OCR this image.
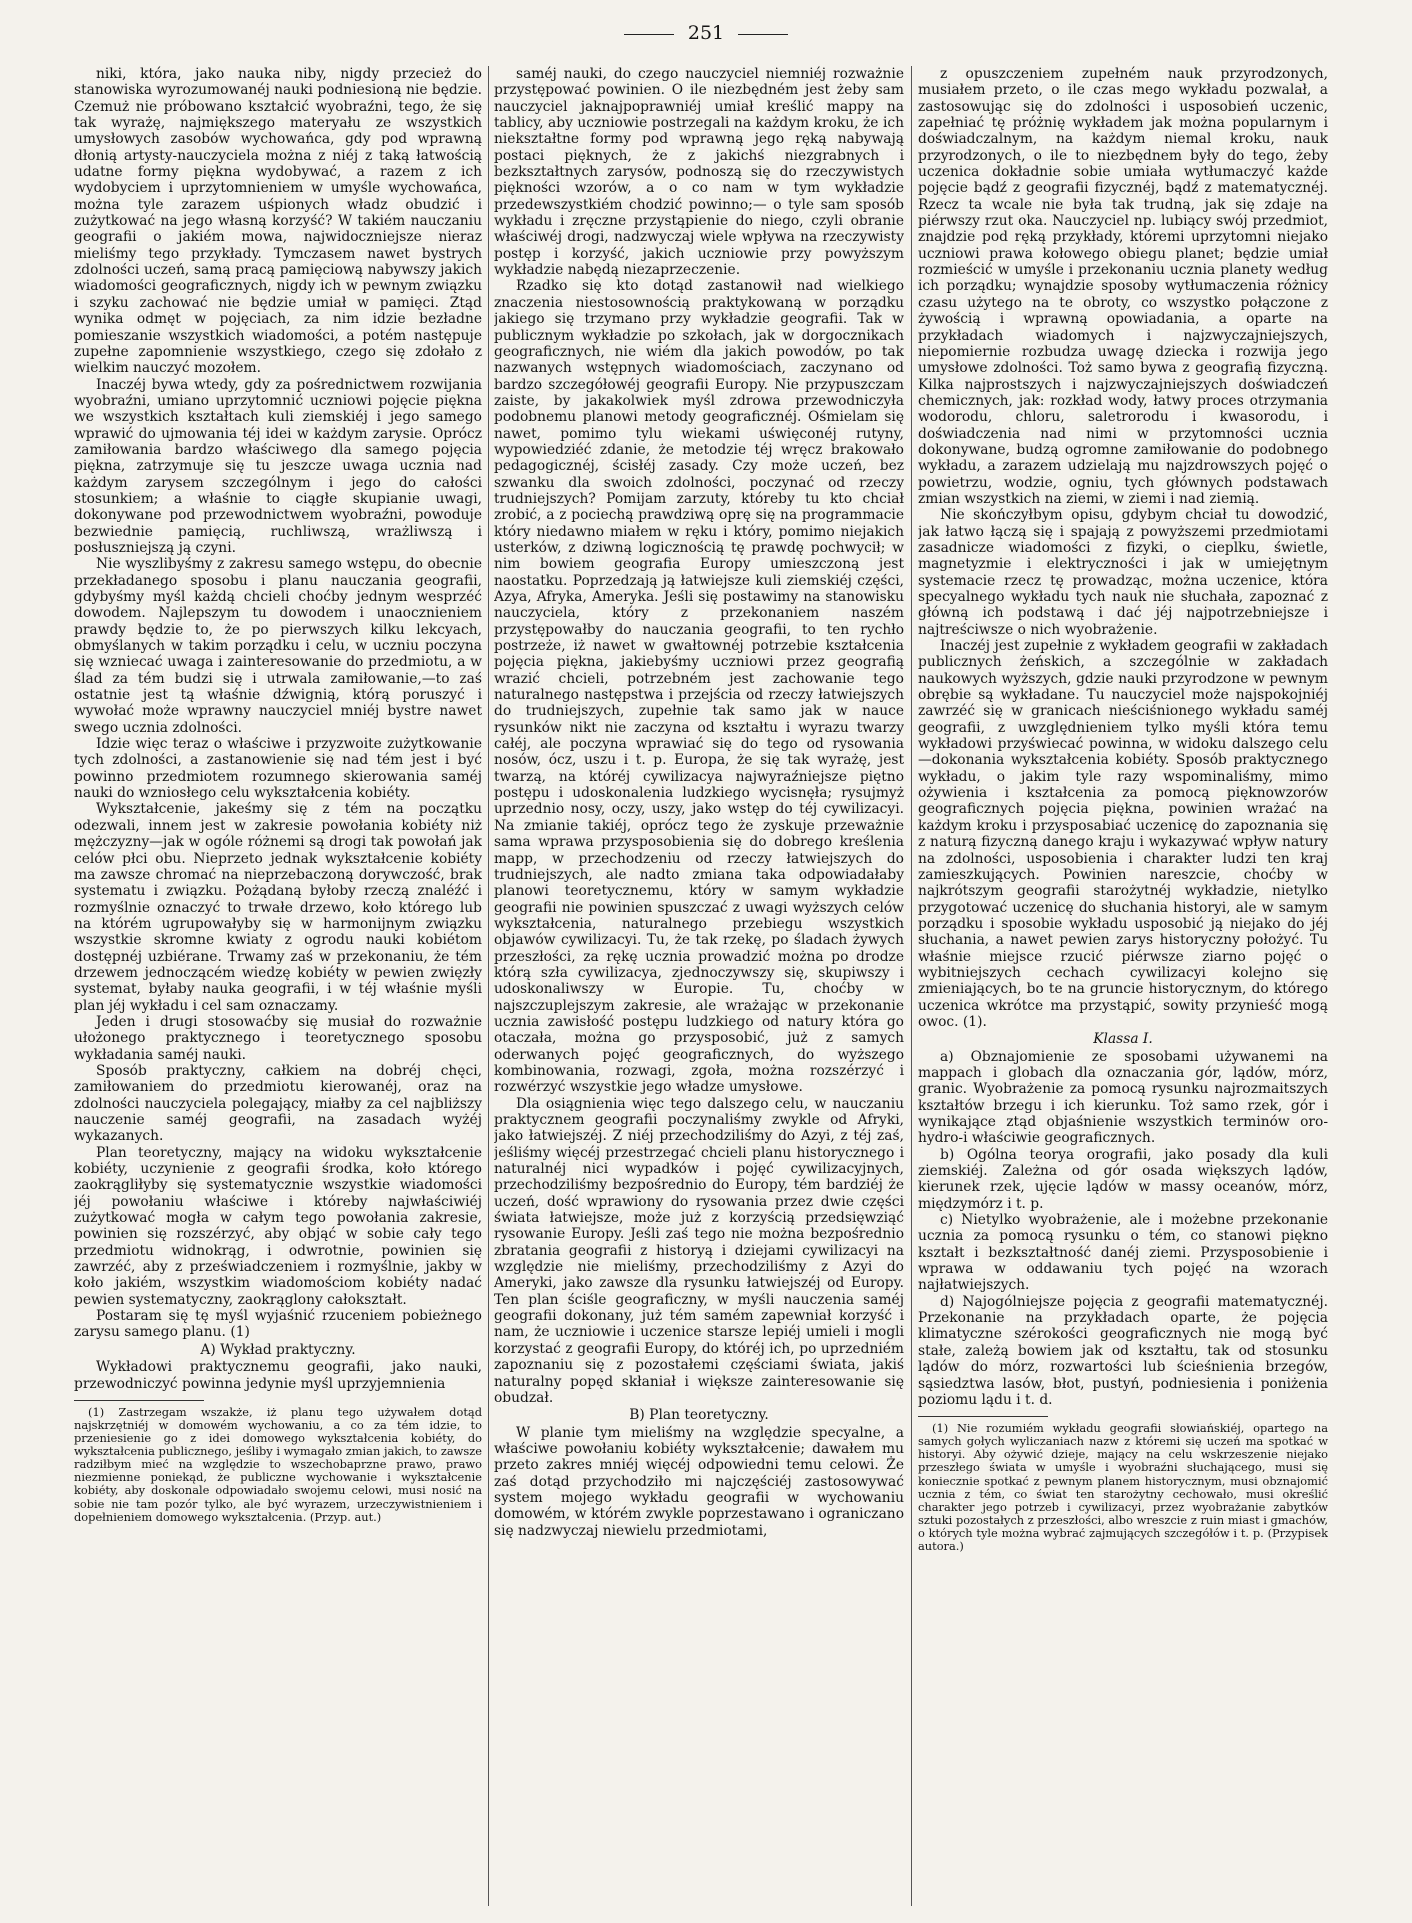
251

niki, która, jako nauka niby, nigdy przecież do stanowiska wyrozumowanéj nauki podniesioną nie będzie. Czemuż nie próbowano kształcić wyobraźni, tego, że się tak wyrażę, najmiększego materyału ze wszystkich umysłowych zasobów wychowańca, gdy pod wprawną dłonią artysty-nauczyciela można z niéj z taką łatwością udatne formy piękna wydobywać, a razem z ich wydobyciem i uprzytomnieniem w umyśle wychowańca, można tyle zarazem uśpionych władz obudzić i zużytkować na jego własną korzyść? W takiém nauczaniu geografii o jakiém mowa, najwidoczniejsze nieraz mieliśmy tego przykłady. Tymczasem nawet bystrych zdolności uczeń, samą pracą pamięciową nabywszy jakich wiadomości geograficznych, nigdy ich w pewnym związku i szyku zachować nie będzie umiał w pamięci. Ztąd wynika odmęt w pojęciach, za nim idzie bezładne pomieszanie wszystkich wiadomości, a potém następuje zupełne zapomnienie wszystkiego, czego się zdołało z wielkim nauczyć mozołem.

Inaczéj bywa wtedy, gdy za pośrednictwem rozwijania wyobraźni, umiano uprzytomnić uczniowi pojęcie piękna we wszystkich kształtach kuli ziemskiéj i jego samego wprawić do ujmowania téj idei w każdym zarysie. Oprócz zamiłowania bardzo właściwego dla samego pojęcia piękna, zatrzymuje się tu jeszcze uwaga ucznia nad każdym zarysem szczególnym i jego do całości stosunkiem; a właśnie to ciągłe skupianie uwagi, dokonywane pod przewodnictwem wyobraźni, powoduje bezwiednie pamięcią, ruchliwszą, wrażliwszą i posłuszniejszą ją czyni.

Nie wyszlibyśmy z zakresu samego wstępu, do obecnie przekładanego sposobu i planu nauczania geografii, gdybyśmy myśl każdą chcieli choćby jednym wesprzéć dowodem. Najlepszym tu dowodem i unaocznieniem prawdy będzie to, że po pierwszych kilku lekcyach, obmyślanych w takim porządku i celu, w uczniu poczyna się wzniecać uwaga i zainteresowanie do przedmiotu, a w ślad za tém budzi się i utrwala zamiłowanie,—to zaś ostatnie jest tą właśnie dźwignią, którą poruszyć i wywołać może wprawny nauczyciel mniéj bystre nawet swego ucznia zdolności.

Idzie więc teraz o właściwe i przyzwoite zużytkowanie tych zdolności, a zastanowienie się nad tém jest i być powinno przedmiotem rozumnego skierowania saméj nauki do wzniosłego celu wykształcenia kobiéty.

Wykształcenie, jakeśmy się z tém na początku odezwali, innem jest w zakresie powołania kobiéty niż mężczyzny—jak w ogóle różnemi są drogi tak powołań jak celów płci obu. Nieprzeto jednak wykształcenie kobiéty ma zawsze chromać na nieprzebaczoną dorywczość, brak systematu i związku. Pożądaną byłoby rzeczą znaléźć i rozmyślnie oznaczyć to trwałe drzewo, koło którego lub na którém ugrupowałyby się w harmonijnym związku wszystkie skromne kwiaty z ogrodu nauki kobiétom dostępnéj uzbiérane. Trwamy zaś w przekonaniu, że tém drzewem jednoczącém wiedzę kobiéty w pewien zwięzły systemat, byłaby nauka geografii, i w téj właśnie myśli plan jéj wykładu i cel sam oznaczamy.

Jeden i drugi stosowaćby się musiał do rozważnie ułożonego praktycznego i teoretycznego sposobu wykładania saméj nauki.

Sposób praktyczny, całkiem na dobréj chęci, zamiłowaniem do przedmiotu kierowanéj, oraz na zdolności nauczyciela polegający, miałby za cel najbliższy nauczenie saméj geografii, na zasadach wyżéj wykazanych.

Plan teoretyczny, mający na widoku wykształcenie kobiéty, uczynienie z geografii środka, koło którego zaokrągliłyby się systematycznie wszystkie wiadomości jéj powołaniu właściwe i któreby najwłaściwiéj zużytkować mogła w całym tego powołania zakresie, powinien się rozszérzyć, aby objąć w sobie cały tego przedmiotu widnokrąg, i odwrotnie, powinien się zawrzéć, aby z przeświadczeniem i rozmyślnie, jakby w koło jakiém, wszystkim wiadomościom kobiéty nadać pewien systematyczny, zaokrąglony całokształt.

Postaram się tę myśl wyjaśnić rzuceniem pobieżnego zarysu samego planu. (1)

A) Wykład praktyczny.

Wykładowi praktycznemu geografii, jako nauki, przewodniczyć powinna jedynie myśl uprzyjemnienia

(1) Zastrzegam wszakże, iż planu tego używałem dotąd najskrzętniéj w domowém wychowaniu, a co za tém idzie, to przeniesienie go z idei domowego wykształcenia kobiéty, do wykształcenia publicznego, jeśliby i wymagało zmian jakich, to zawsze radziłbym mieć na względzie to wszechobaprzne prawo, prawo niezmienne poniekąd, że publiczne wychowanie i wykształcenie kobiéty, aby doskonale odpowiadało swojemu celowi, musi nosić na sobie nie tam pozór tylko, ale być wyrazem, urzeczywistnieniem i dopełnieniem domowego wykształcenia. (Przyp. aut.)

saméj nauki, do czego nauczyciel niemniéj rozważnie przystępować powinien. O ile niezbędném jest żeby sam nauczyciel jaknajpoprawniéj umiał kreślić mappy na tablicy, aby uczniowie postrzegali na każdym kroku, że ich niekształtne formy pod wprawną jego ręką nabywają postaci pięknych, że z jakichś niezgrabnych i bezkształtnych zarysów, podnoszą się do rzeczywistych piękności wzorów, a o co nam w tym wykładzie przedewszystkiém chodzić powinno;— o tyle sam sposób wykładu i zręczne przystąpienie do niego, czyli obranie właściwéj drogi, nadzwyczaj wiele wpływa na rzeczywisty postęp i korzyść, jakich uczniowie przy powyższym wykładzie nabędą niezaprzeczenie.

Rzadko się kto dotąd zastanowił nad wielkiego znaczenia niestosownością praktykowaną w porządku jakiego się trzymano przy wykładzie geografii. Tak w publicznym wykładzie po szkołach, jak w dorgocznikach geograficznych, nie wiém dla jakich powodów, po tak nazwanych wstępnych wiadomościach, zaczynano od bardzo szczegółowéj geografii Europy. Nie przypuszczam zaiste, by jakakolwiek myśl zdrowa przewodniczyła podobnemu planowi metody geograficznéj. Ośmielam się nawet, pomimo tylu wiekami uświęconéj rutyny, wypowiedziéć zdanie, że metodzie téj wręcz brakowało pedagogicznéj, ścisłéj zasady. Czy może uczeń, bez szwanku dla swoich zdolności, poczynać od rzeczy trudniejszych? Pomijam zarzuty, któreby tu kto chciał zrobić, a z pociechą prawdziwą oprę się na programmacie który niedawno miałem w ręku i który, pomimo niejakich usterków, z dziwną logicznością tę prawdę pochwycił; w nim bowiem geografia Europy umieszczoną jest naostatku. Poprzedzają ją łatwiejsze kuli ziemskiéj części, Azya, Afryka, Ameryka. Jeśli się postawimy na stanowisku nauczyciela, który z przekonaniem naszém przystępowałby do nauczania geografii, to ten rychło postrzeże, iż nawet w gwałtownéj potrzebie kształcenia pojęcia piękna, jakiebyśmy uczniowi przez geografią wrazić chcieli, potrzebném jest zachowanie tego naturalnego następstwa i przejścia od rzeczy łatwiejszych do trudniejszych, zupełnie tak samo jak w nauce rysunków nikt nie zaczyna od kształtu i wyrazu twarzy całéj, ale poczyna wprawiać się do tego od rysowania nosów, ócz, uszu i t. p. Europa, że się tak wyrażę, jest twarzą, na któréj cywilizacya najwyraźniejsze piętno postępu i udoskonalenia ludzkiego wycisnęła; rysujmyż uprzednio nosy, oczy, uszy, jako wstęp do téj cywilizacyi. Na zmianie takiéj, oprócz tego że zyskuje przeważnie sama wprawa przysposobienia się do dobrego kreślenia mapp, w przechodzeniu od rzeczy łatwiejszych do trudniejszych, ale nadto zmiana taka odpowiadałaby planowi teoretycznemu, który w samym wykładzie geografii nie powinien spuszczać z uwagi wyższych celów wykształcenia, naturalnego przebiegu wszystkich objawów cywilizacyi. Tu, że tak rzekę, po śladach żywych przeszłości, za rękę ucznia prowadzić można po drodze którą szła cywilizacya, zjednoczywszy się, skupiwszy i udoskonaliwszy w Europie. Tu, choćby w najszczuplejszym zakresie, ale wrażając w przekonanie ucznia zawisłość postępu ludzkiego od natury która go otaczała, można go przysposobić, już z samych oderwanych pojęć geograficznych, do wyższego kombinowania, rozwagi, zgoła, można rozszérzyć i rozwérzyć wszystkie jego władze umysłowe.

Dla osiągnienia więc tego dalszego celu, w nauczaniu praktycznem geografii poczynaliśmy zwykle od Afryki, jako łatwiejszéj. Z niéj przechodziliśmy do Azyi, z téj zaś, jeśliśmy więcéj przestrzegać chcieli planu historycznego i naturalnéj nici wypadków i pojęć cywilizacyjnych, przechodziliśmy bezpośrednio do Europy, tém bardziéj że uczeń, dość wprawiony do rysowania przez dwie części świata łatwiejsze, może już z korzyścią przedsięwziąć rysowanie Europy. Jeśli zaś tego nie można bezpośrednio zbratania geografii z historyą i dziejami cywilizacyi na względzie nie mieliśmy, przechodziliśmy z Azyi do Ameryki, jako zawsze dla rysunku łatwiejszéj od Europy. Ten plan ściśle geograficzny, w myśli nauczenia saméj geografii dokonany, już tém samém zapewniał korzyść i nam, że uczniowie i uczenice starsze lepiéj umieli i mogli korzystać z geografii Europy, do któréj ich, po uprzedniém zapoznaniu się z pozostałemi częściami świata, jakiś naturalny popęd skłaniał i większe zainteresowanie się obudzał.

B) Plan teoretyczny.

W planie tym mieliśmy na względzie specyalne, a właściwe powołaniu kobiéty wykształcenie; dawałem mu przeto zakres mniéj więcéj odpowiedni temu celowi. Że zaś dotąd przychodziło mi najczęściéj zastosowywać system mojego wykładu geografii w wychowaniu domowém, w którém zwykle poprzestawano i ograniczano się nadzwyczaj niewielu przedmiotami,

z opuszczeniem zupełném nauk przyrodzonych, musiałem przeto, o ile czas mego wykładu pozwalał, a zastosowując się do zdolności i usposobień uczenic, zapełniać tę próżnię wykładem jak można popularnym i doświadczalnym, na każdym niemal kroku, nauk przyrodzonych, o ile to niezbędnem były do tego, żeby uczenica dokładnie sobie umiała wytłumaczyć każde pojęcie bądź z geografii fizycznéj, bądź z matematycznéj. Rzecz ta wcale nie była tak trudną, jak się zdaje na piérwszy rzut oka. Nauczyciel np. lubiący swój przedmiot, znajdzie pod ręką przykłady, któremi uprzytomni niejako uczniowi prawa kołowego obiegu planet; będzie umiał rozmieścić w umyśle i przekonaniu ucznia planety według ich porządku; wynajdzie sposoby wytłumaczenia różnicy czasu użytego na te obroty, co wszystko połączone z żywością i wprawną opowiadania, a oparte na przykładach wiadomych i najzwyczajniejszych, niepomiernie rozbudza uwagę dziecka i rozwija jego umysłowe zdolności. Toż samo bywa z geografią fizyczną. Kilka najprostszych i najzwyczajniejszych doświadczeń chemicznych, jak: rozkład wody, łatwy proces otrzymania wodorodu, chloru, saletrorodu i kwasorodu, i doświadczenia nad nimi w przytomności ucznia dokonywane, budzą ogromne zamiłowanie do podobnego wykładu, a zarazem udzielają mu najzdrowszych pojęć o powietrzu, wodzie, ogniu, tych głównych podstawach zmian wszystkich na ziemi, w ziemi i nad ziemią.

Nie skończyłbym opisu, gdybym chciał tu dowodzić, jak łatwo łączą się i spajają z powyższemi przedmiotami zasadnicze wiadomości z fizyki, o cieplku, świetle, magnetyzmie i elektryczności i jak w umiejętnym systemacie rzecz tę prowadząc, można uczenice, która specyalnego wykładu tych nauk nie słuchała, zapoznać z główną ich podstawą i dać jéj najpotrzebniejsze i najtreściwsze o nich wyobrażenie.

Inaczéj jest zupełnie z wykładem geografii w zakładach publicznych żeńskich, a szczególnie w zakładach naukowych wyższych, gdzie nauki przyrodzone w pewnym obrębie są wykładane. Tu nauczyciel może najspokojniéj zawrzéć się w granicach nieściśnionego wykładu saméj geografii, z uwzględnieniem tylko myśli która temu wykładowi przyświecać powinna, w widoku dalszego celu—dokonania wykształcenia kobiéty. Sposób praktycznego wykładu, o jakim tyle razy wspominaliśmy, mimo ożywienia i kształcenia za pomocą pięknowzorów geograficznych pojęcia piękna, powinien wrażać na każdym kroku i przysposabiać uczenicę do zapoznania się z naturą fizyczną danego kraju i wykazywać wpływ natury na zdolności, usposobienia i charakter ludzi ten kraj zamieszkujących. Powinien nareszcie, choćby w najkrótszym geografii starożytnéj wykładzie, nietylko przygotować uczenicę do słuchania historyi, ale w samym porządku i sposobie wykładu usposobić ją niejako do jéj słuchania, a nawet pewien zarys historyczny położyć. Tu właśnie miejsce rzucić piérwsze ziarno pojęć o wybitniejszych cechach cywilizacyi kolejno się zmieniających, bo te na gruncie historycznym, do którego uczenica wkrótce ma przystąpić, sowity przynieść mogą owoc. (1).

Klassa I.

a) Obznajomienie ze sposobami używanemi na mappach i globach dla oznaczania gór, lądów, mórz, granic. Wyobrażenie za pomocą rysunku najrozmaitszych kształtów brzegu i ich kierunku. Toż samo rzek, gór i wynikające ztąd objaśnienie wszystkich terminów oro-hydro-i właściwie geograficznych.

b) Ogólna teorya orografii, jako posady dla kuli ziemskiéj. Zależna od gór osada większych lądów, kierunek rzek, ujęcie lądów w massy oceanów, mórz, międzymórz i t. p.

c) Nietylko wyobrażenie, ale i możebne przekonanie ucznia za pomocą rysunku o tém, co stanowi piękno kształt i bezkształtność danéj ziemi. Przysposobienie i wprawa w oddawaniu tych pojęć na wzorach najłatwiejszych.

d) Najogólniejsze pojęcia z geografii matematycznéj. Przekonanie na przykładach oparte, że pojęcia klimatyczne szérokości geograficznych nie mogą być stałe, zależą bowiem jak od kształtu, tak od stosunku lądów do mórz, rozwartości lub ścieśnienia brzegów, sąsiedztwa lasów, błot, pustyń, podniesienia i poniżenia poziomu lądu i t. d.

(1) Nie rozumiém wykładu geografii słowiańskiéj, opartego na samych gołych wyliczaniach nazw z któremi się uczeń ma spotkać w historyi. Aby ożywić dzieje, mający na celu wskrzeszenie niejako przeszłego świata w umyśle i wyobraźni słuchającego, musi się koniecznie spotkać z pewnym planem historycznym, musi obznajomić ucznia z tém, co świat ten starożytny cechowało, musi określić charakter jego potrzeb i cywilizacyi, przez wyobrażanie zabytków sztuki pozostałych z przeszłości, albo wreszcie z ruin miast i gmachów, o których tyle można wybrać zajmujących szczegółów i t. p. (Przypisek autora.)
